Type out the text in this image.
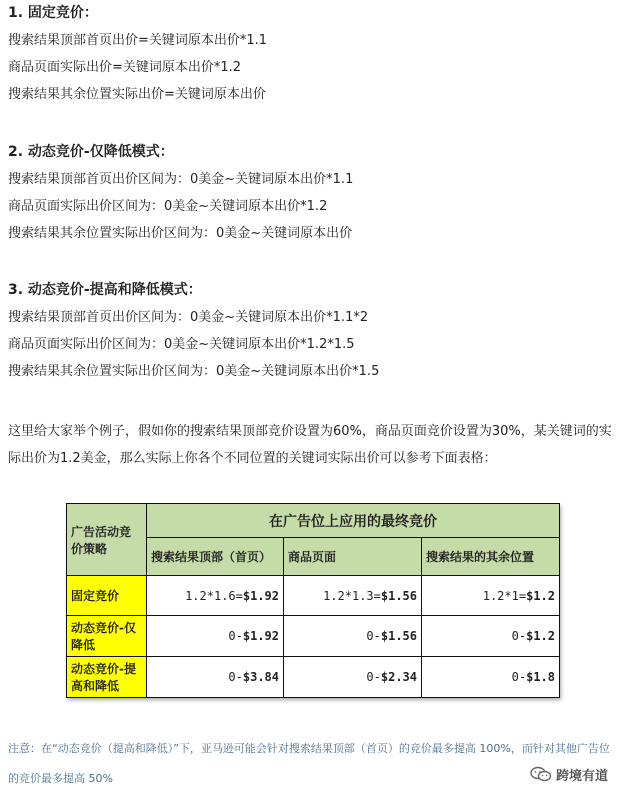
1. 固定竞价：
搜索结果顶部首页出价=关键词原本出价*1.1
商品页面实际出价=关键词原本出价*1.2
搜索结果其余位置实际出价=关键词原本出价
2. 动态竞价-仅降低模式：
搜索结果顶部首页出价区间为：0美金~关键词原本出价*1.1
商品页面实际出价区间为：0美金~关键词原本出价*1.2
搜索结果其余位置实际出价区间为：0美金~关键词原本出价
3. 动态竞价-提高和降低模式：
搜索结果顶部首页出价区间为：0美金~关键词原本出价*1.1*2
商品页面实际出价区间为：0美金~关键词原本出价*1.2*1.5
搜索结果其余位置实际出价区间为：0美金~关键词原本出价*1.5
这里给大家举个例子，假如你的搜索结果顶部竞价设置为60%，商品页面竞价设置为30%，某关键词的实际出价为1.2美金，那么实际上你各个不同位置的关键词实际出价可以参考下面表格：
广告活动竞价策略	在广告位上应用的最终竞价		
	搜索结果顶部（首页）	商品页面	搜索结果的其余位置
固定竞价	1.2*1.6=$1.92	1.2*1.3=$1.56	1.2*1=$1.2
动态竞价-仅降低	0-$1.92	0-$1.56	0-$1.2
动态竞价-提高和降低	0-$3.84	0-$2.34	0-$1.8
注意：在“动态竞价（提高和降低）”下，亚马逊可能会针对搜索结果顶部（首页）的竞价最多提高 100%，而针对其他广告位的竞价最多提高 50%	跨境有道
